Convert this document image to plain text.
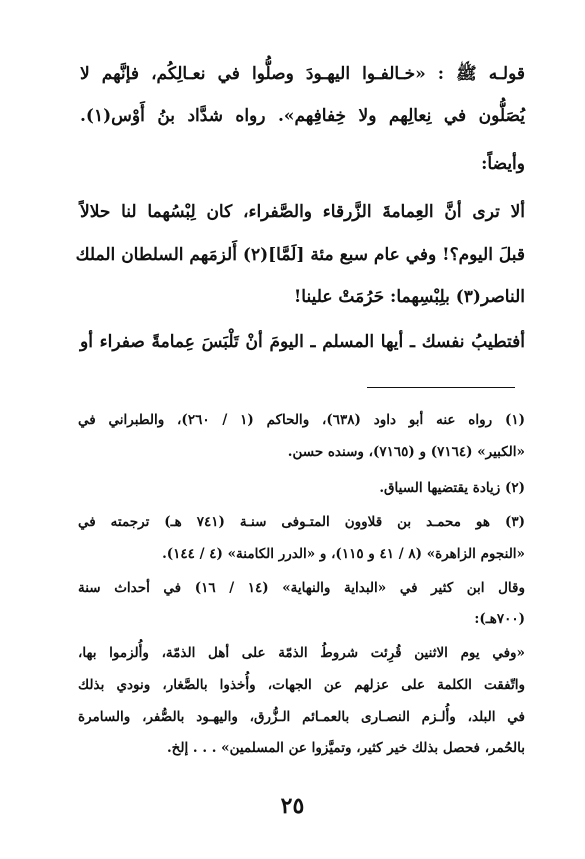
قولـه ﷺ : «خـالفـوا اليهـودَ وصلُّوا في نعـالِكُم، فإنَّهم لا
يُصَلُّون في نِعالِهم ولا خِفافِهم». رواه شدَّاد بنُ أَوْس(١).
وأيضاً:
ألا ترى أنَّ العِمامةَ الزَّرقاء والصَّفراء، كان لِبْسُهما لنا حلالاً
قبلَ اليوم؟! وفي عام سبع مئة [لَمَّا](٢) أَلزمَهم السلطان الملك
الناصر(٣) بلِبْسِهما: حَرُمَتْ علينا!
أفتطيبُ نفسك ـ أيها المسلم ـ اليومَ أنْ تَلْبَسَ عِمامةً صفراء أو
(١) رواه عنه أبو داود (٦٣٨)، والحاكم (١ / ٢٦٠)، والطبراني في
«الكبير» (٧١٦٤) و (٧١٦٥)، وسنده حسن.
(٢) زيادة يقتضيها السياق.
(٣) هو محمـد بن قلاوون المتـوفى سنـة (٧٤١ هـ) ترجمته في
«النجوم الزاهرة» (٨ / ٤١ و ١١٥)، و «الدرر الكامنة» (٤ / ١٤٤).
وقال ابن كثير في «البداية والنهاية» (١٤ / ١٦) في أحداث سنة
(٧٠٠هـ):
«وفي يوم الاثنين قُرِئت شروطُ الذمّة على أهل الذمّة، وأُلزموا بها،
واتّفقت الكلمة على عزلهم عن الجهات، وأُخذوا بالصَّغار، ونودي بذلك
في البلد، وأُلـزم النصـارى بالعمـائم الـزُّرق، واليهـود بالصُّفر، والسامرة
بالحُمر، فحصل بذلك خير كثير، وتميَّزوا عن المسلمين» . . . إلخ.
٢٥
